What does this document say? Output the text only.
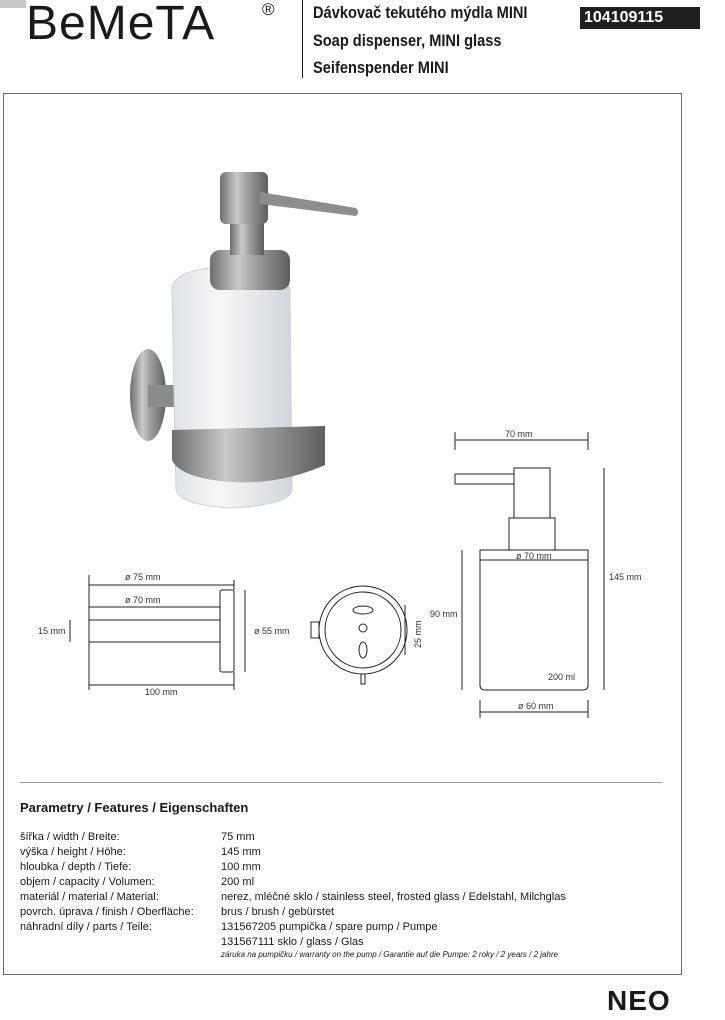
BeMeTA	® Dávkovač tekutého mýdla MINI
Soap dispenser, MINI glass
Seifenspender MINI
104109115
ø 75 mm
ø 70 mm
15 mm	ø 55 mm
100 mm
25 mm
70 mm
ø 70 mm
145 mm
90 mm
200 ml
ø 60 mm
Parametry / Features / Eigenschaften
šířka / width / Breite:	75 mm
výška / height / Höhe:	145 mm
hloubka / depth / Tiefe:	100 mm
objem / capacity / Volumen:	200 ml
materiál / material / Material:	nerez, mléčné sklo / stainless steel, frosted glass / Edelstahl, Milchglas
povrch. úprava / finish / Oberfläche: brus / brush / gebürstet
náhradní díly / parts / Teile:	131567205 pumpička / spare pump / Pumpe
131567111 sklo / glass / Glas
záruka na pumpičku / warranty on the pump / Garantie auf die Pumpe: 2 roky / 2 years / 2 jahre
NEO
